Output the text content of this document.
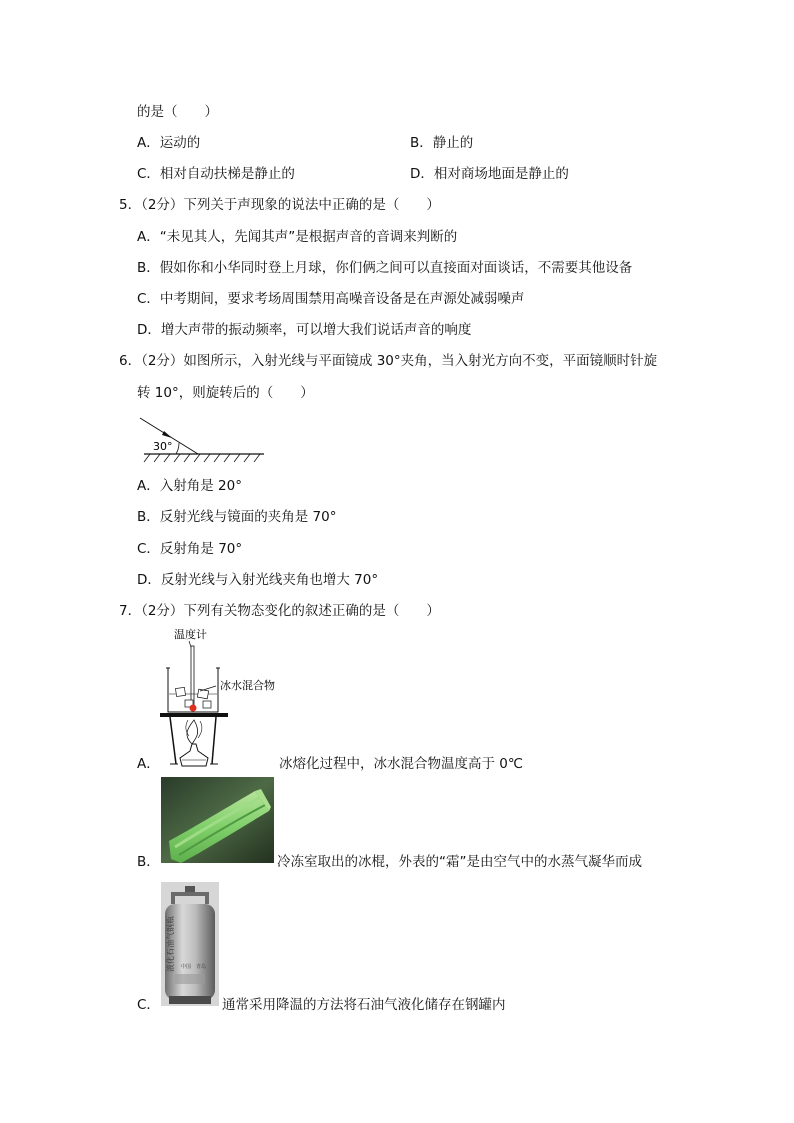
的是（　　）
A．运动的	B．静止的
C．相对自动扶梯是静止的	D．相对商场地面是静止的
5．（2分）下列关于声现象的说法中正确的是（　　）
A．“未见其人，先闻其声”是根据声音的音调来判断的
B．假如你和小华同时登上月球，你们俩之间可以直接面对面谈话，不需要其他设备
C．中考期间，要求考场周围禁用高噪音设备是在声源处减弱噪声
D．增大声带的振动频率，可以增大我们说话声音的响度
6．（2分）如图所示，入射光线与平面镜成 30°夹角，当入射光方向不变，平面镜顺时针旋
转 10°，则旋转后的（　　）
30°
A．入射角是 20°
B．反射光线与镜面的夹角是 70°
C．反射角是 70°
D．反射光线与入射光线夹角也增大 70°
7．（2分）下列有关物态变化的叙述正确的是（　　）
温度计
冰水混合物
A．	冰熔化过程中，冰水混合物温度高于 0℃
B．	冷冻室取出的冰棍，外表的“霜”是由空气中的水蒸气凝华而成
液化石油气钢瓶 中国　青岛
C．	通常采用降温的方法将石油气液化储存在钢罐内
